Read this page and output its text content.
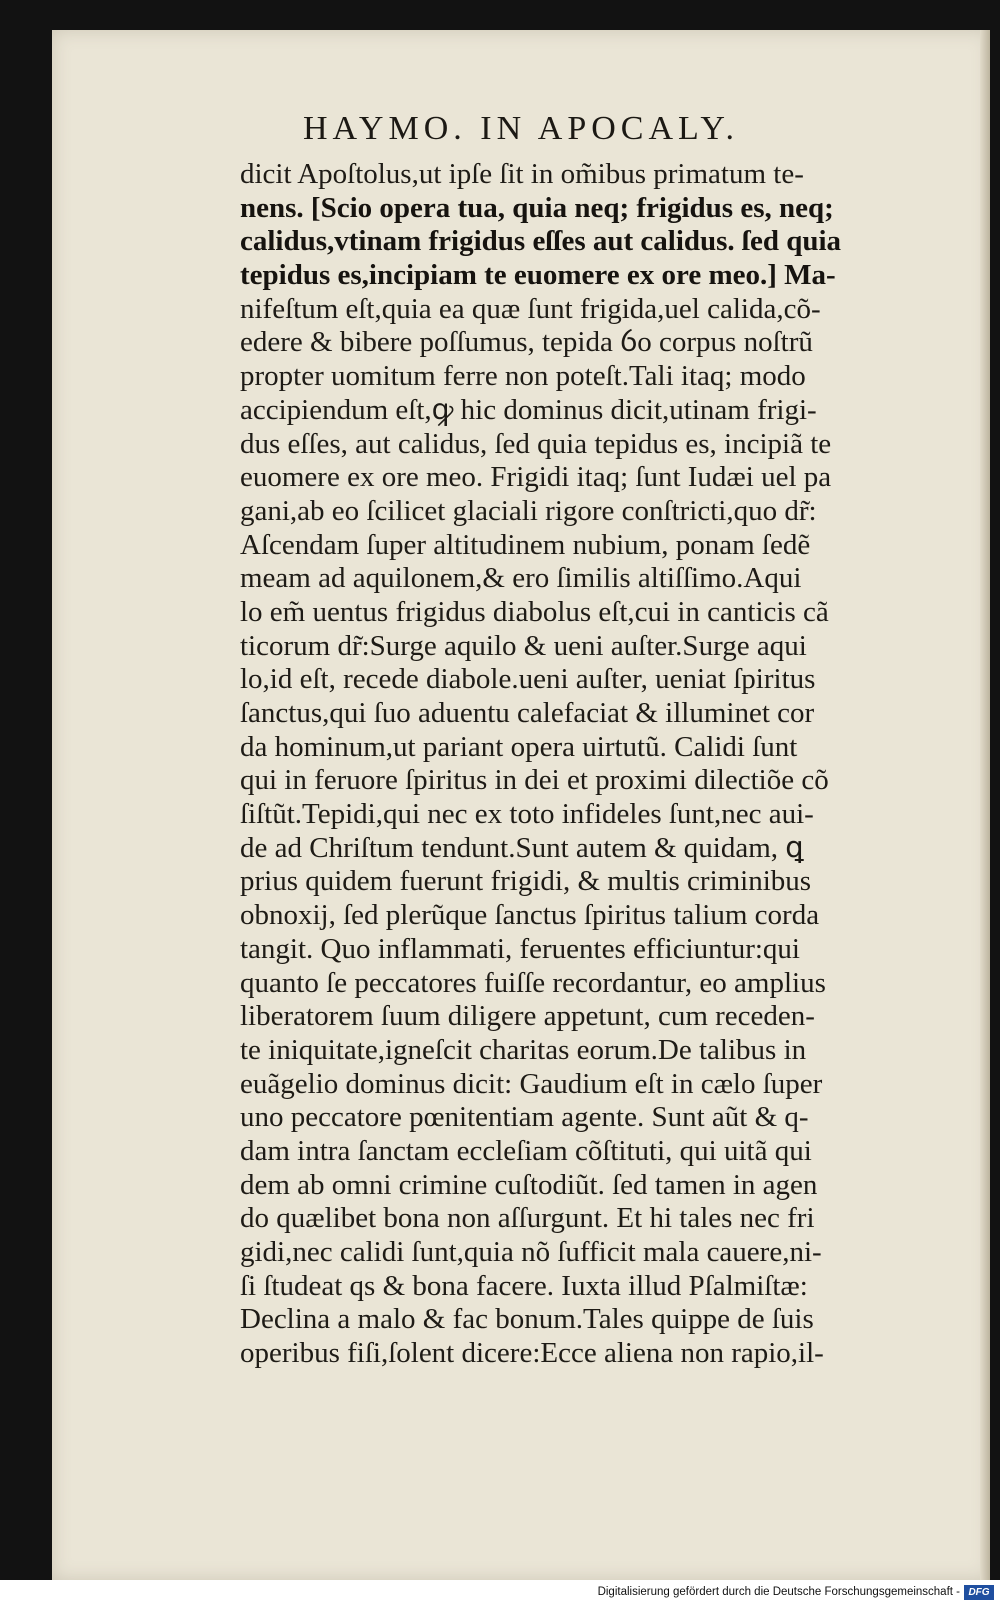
HAYMO. IN APOCALY.
dicit Apoſtolus,ut ipſe ſit in om̃ibus primatum te-
nens. [Scio opera tua, quia neq; frigidus es, neq;
calidus,vtinam frigidus eſſes aut calidus. ſed quia
tepidus es,incipiam te euomere ex ore meo.] Ma-
nifeſtum eſt,quia ea quæ ſunt frigida,uel calida,cõ-
edere & bibere poſſumus, tepida ỽo corpus noſtrũ
propter uomitum ferre non poteſt.Tali itaq; modo
accipiendum eſt,ꝙ hic dominus dicit,utinam frigi-
dus eſſes, aut calidus, ſed quia tepidus es, incipiã te
euomere ex ore meo. Frigidi itaq; ſunt Iudæi uel pa
gani,ab eo ſcilicet glaciali rigore conſtricti,quo dr̃:
Aſcendam ſuper altitudinem nubium, ponam ſedẽ
meam ad aquilonem,& ero ſimilis altiſſimo.Aqui
lo em̃ uentus frigidus diabolus eſt,cui in canticis cã
ticorum dr̃:Surge aquilo & ueni auſter.Surge aqui
lo,id eſt, recede diabole.ueni auſter, ueniat ſpiritus
ſanctus,qui ſuo aduentu calefaciat & illuminet cor
da hominum,ut pariant opera uirtutũ. Calidi ſunt
qui in feruore ſpiritus in dei et proximi dilectiõe cõ
ſiſtũt.Tepidi,qui nec ex toto infideles ſunt,nec aui-
de ad Chriſtum tendunt.Sunt autem & quidam, ꝗ
prius quidem fuerunt frigidi, & multis criminibus
obnoxij, ſed plerũque ſanctus ſpiritus talium corda
tangit. Quo inflammati, feruentes efficiuntur:qui
quanto ſe peccatores fuiſſe recordantur, eo amplius
liberatorem ſuum diligere appetunt, cum receden-
te iniquitate,igneſcit charitas eorum.De talibus in
euãgelio dominus dicit: Gaudium eſt in cælo ſuper
uno peccatore pœnitentiam agente. Sunt aũt & q-
dam intra ſanctam eccleſiam cõſtituti, qui uitã qui
dem ab omni crimine cuſtodiũt. ſed tamen in agen
do quælibet bona non aſſurgunt. Et hi tales nec fri
gidi,nec calidi ſunt,quia nõ ſufficit mala cauere,ni-
ſi ſtudeat qs & bona facere. Iuxta illud Pſalmiſtæ:
Declina a malo & fac bonum.Tales quippe de ſuis
operibus fiſi,ſolent dicere:Ecce aliena non rapio,il-
Digitalisierung gefördert durch die Deutsche Forschungsgemeinschaft - DFG
